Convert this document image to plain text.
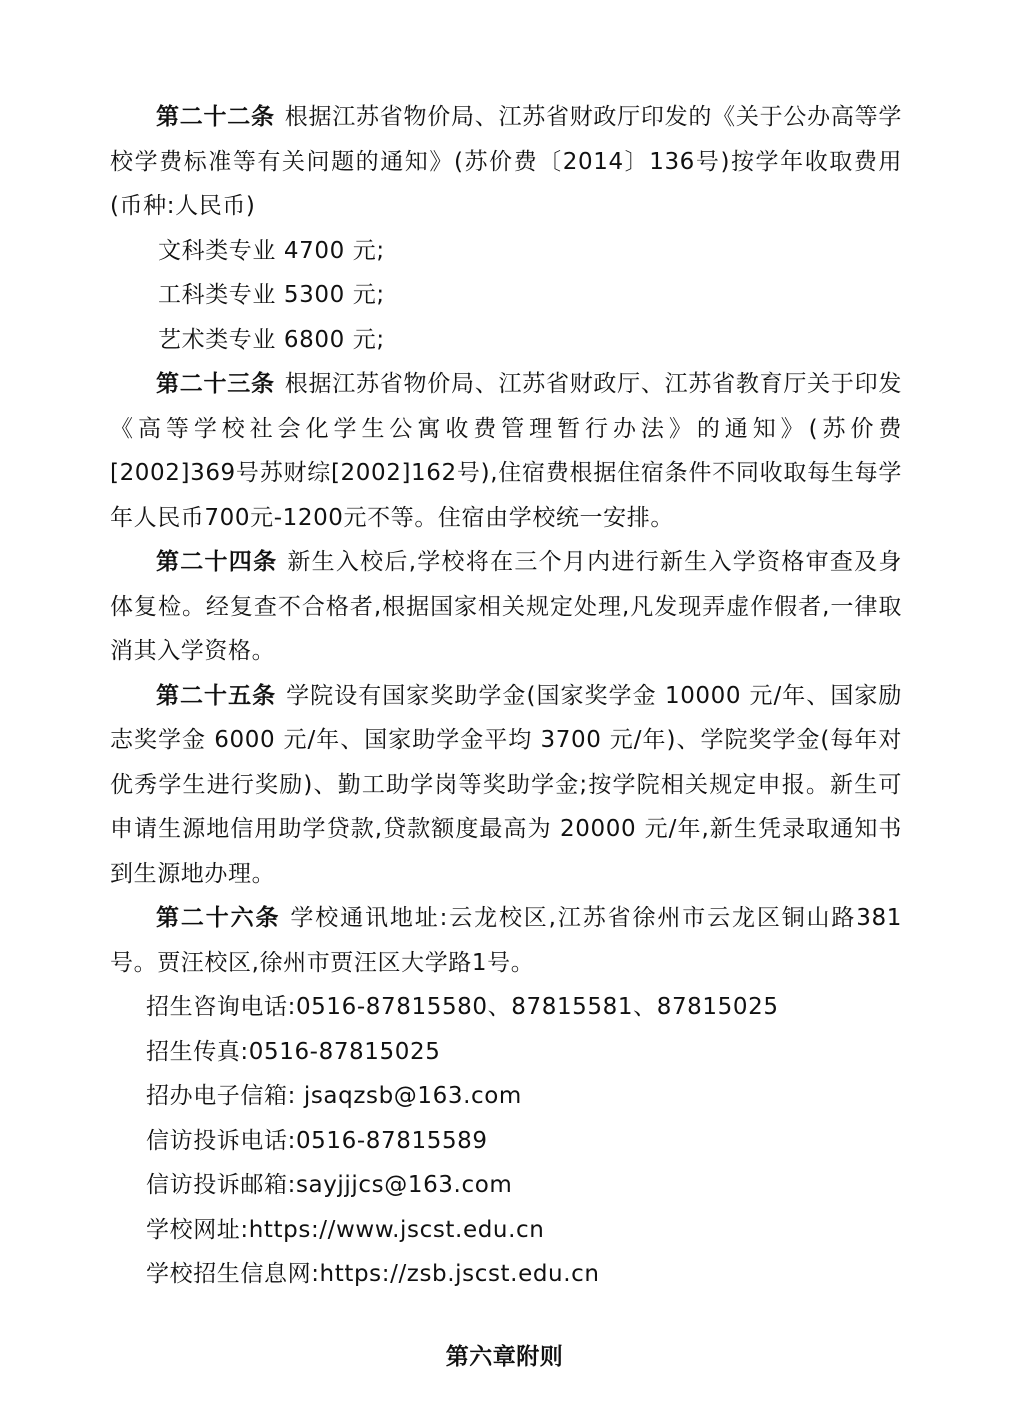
第二十二条 根据江苏省物价局、江苏省财政厅印发的《关于公办高等学校学费标准等有关问题的通知》(苏价费〔2014〕136号)按学年收取费用(币种:人民币)

文科类专业 4700 元;

工科类专业 5300 元;

艺术类专业 6800 元;

第二十三条 根据江苏省物价局、江苏省财政厅、江苏省教育厅关于印发《高等学校社会化学生公寓收费管理暂行办法》的通知》(苏价费[2002]369号苏财综[2002]162号),住宿费根据住宿条件不同收取每生每学年人民币700元-1200元不等。住宿由学校统一安排。

第二十四条 新生入校后,学校将在三个月内进行新生入学资格审查及身体复检。经复查不合格者,根据国家相关规定处理,凡发现弄虚作假者,一律取消其入学资格。

第二十五条 学院设有国家奖助学金(国家奖学金 10000 元/年、国家励志奖学金 6000 元/年、国家助学金平均 3700 元/年)、学院奖学金(每年对优秀学生进行奖励)、勤工助学岗等奖助学金;按学院相关规定申报。新生可申请生源地信用助学贷款,贷款额度最高为 20000 元/年,新生凭录取通知书到生源地办理。

第二十六条 学校通讯地址:云龙校区,江苏省徐州市云龙区铜山路381号。贾汪校区,徐州市贾汪区大学路1号。

招生咨询电话:0516-87815580、87815581、87815025

招生传真:0516-87815025

招办电子信箱: jsaqzsb@163.com

信访投诉电话:0516-87815589

信访投诉邮箱:sayjjjcs@163.com

学校网址:https://www.jscst.edu.cn

学校招生信息网:https://zsb.jscst.edu.cn

第六章附则
